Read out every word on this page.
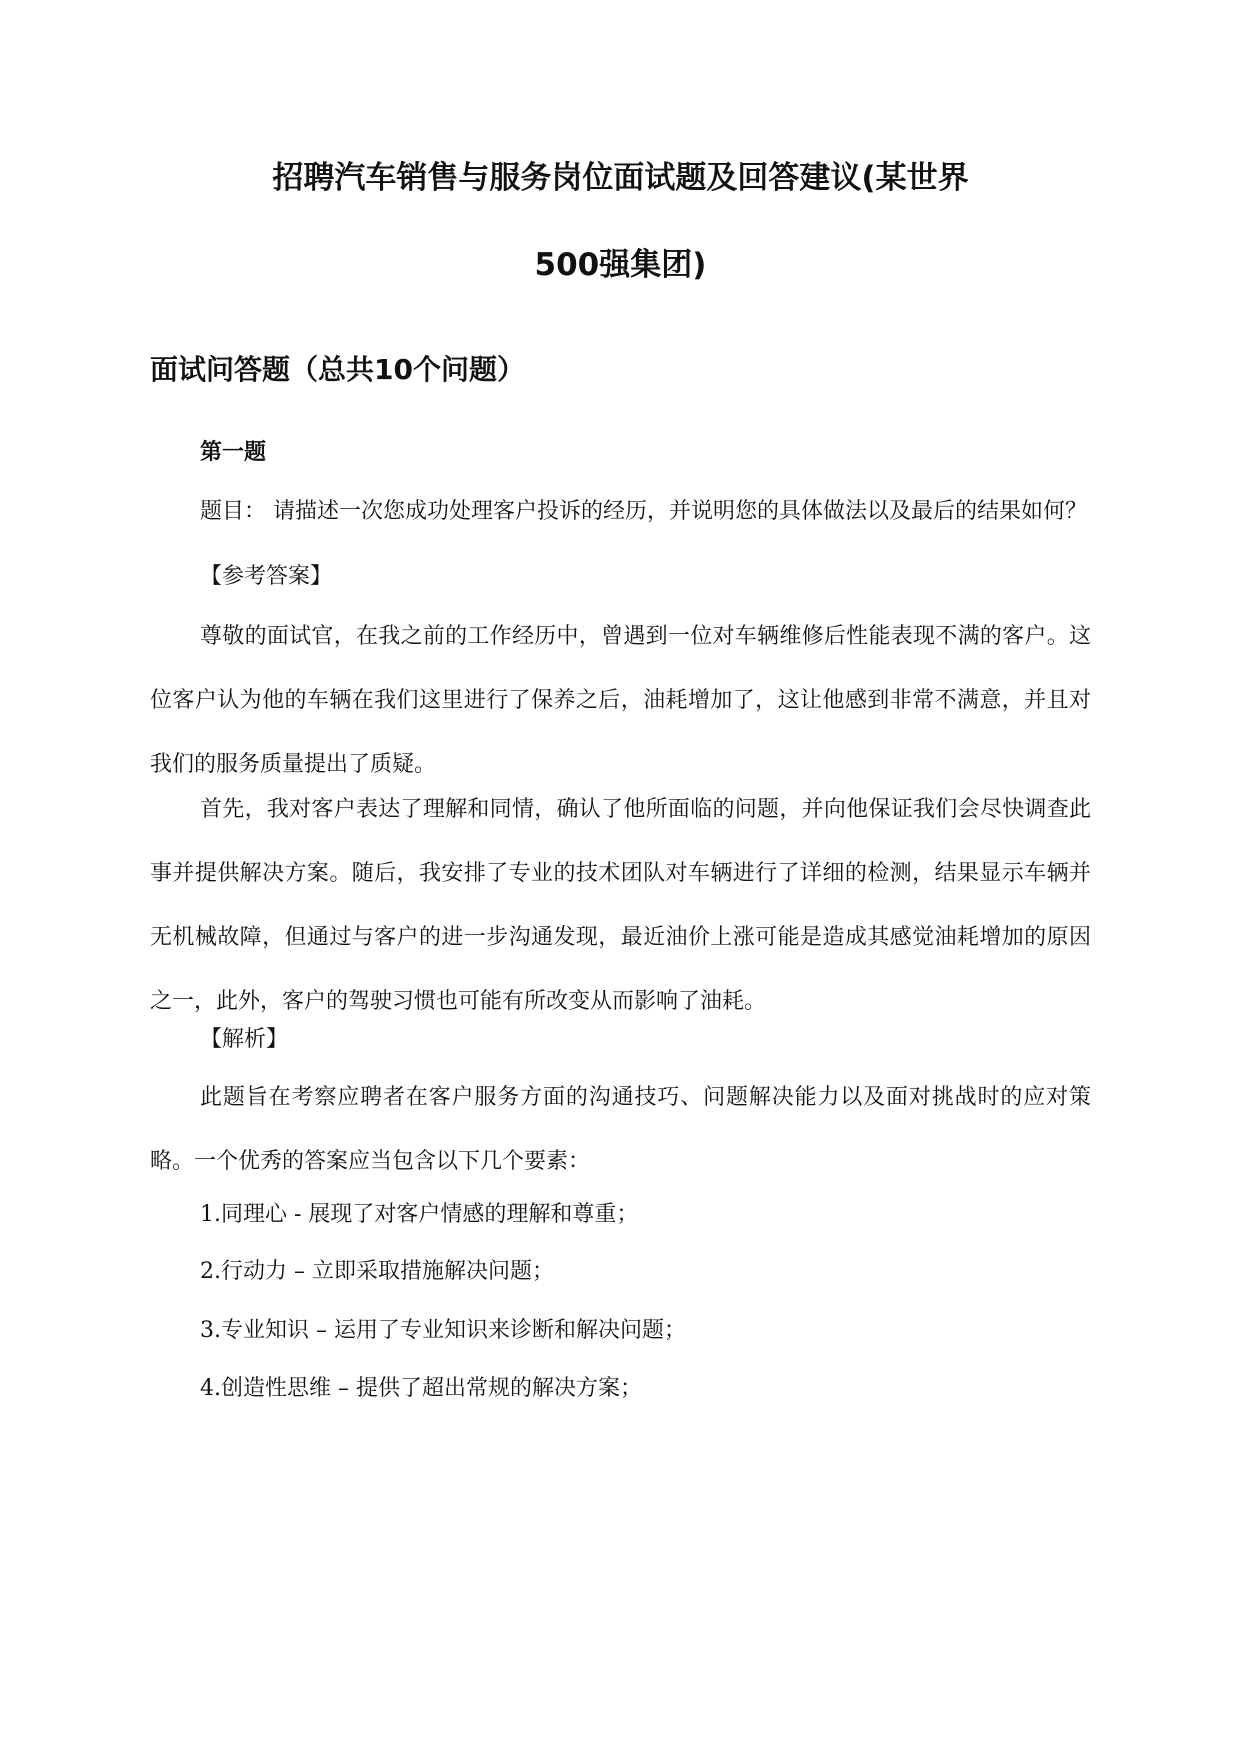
招聘汽车销售与服务岗位面试题及回答建议(某世界
500强集团)
面试问答题（总共10个问题）
第一题

题目： 请描述一次您成功处理客户投诉的经历，并说明您的具体做法以及最后的结果如何？

【参考答案】

尊敬的面试官，在我之前的工作经历中，曾遇到一位对车辆维修后性能表现不满的客户。这位客户认为他的车辆在我们这里进行了保养之后，油耗增加了，这让他感到非常不满意，并且对我们的服务质量提出了质疑。

首先，我对客户表达了理解和同情，确认了他所面临的问题，并向他保证我们会尽快调查此事并提供解决方案。随后，我安排了专业的技术团队对车辆进行了详细的检测，结果显示车辆并无机械故障，但通过与客户的进一步沟通发现，最近油价上涨可能是造成其感觉油耗增加的原因之一，此外，客户的驾驶习惯也可能有所改变从而影响了油耗。

【解析】

此题旨在考察应聘者在客户服务方面的沟通技巧、问题解决能力以及面对挑战时的应对策略。一个优秀的答案应当包含以下几个要素：

1.同理心 - 展现了对客户情感的理解和尊重；

2.行动力 – 立即采取措施解决问题；

3.专业知识 – 运用了专业知识来诊断和解决问题；

4.创造性思维 – 提供了超出常规的解决方案；
